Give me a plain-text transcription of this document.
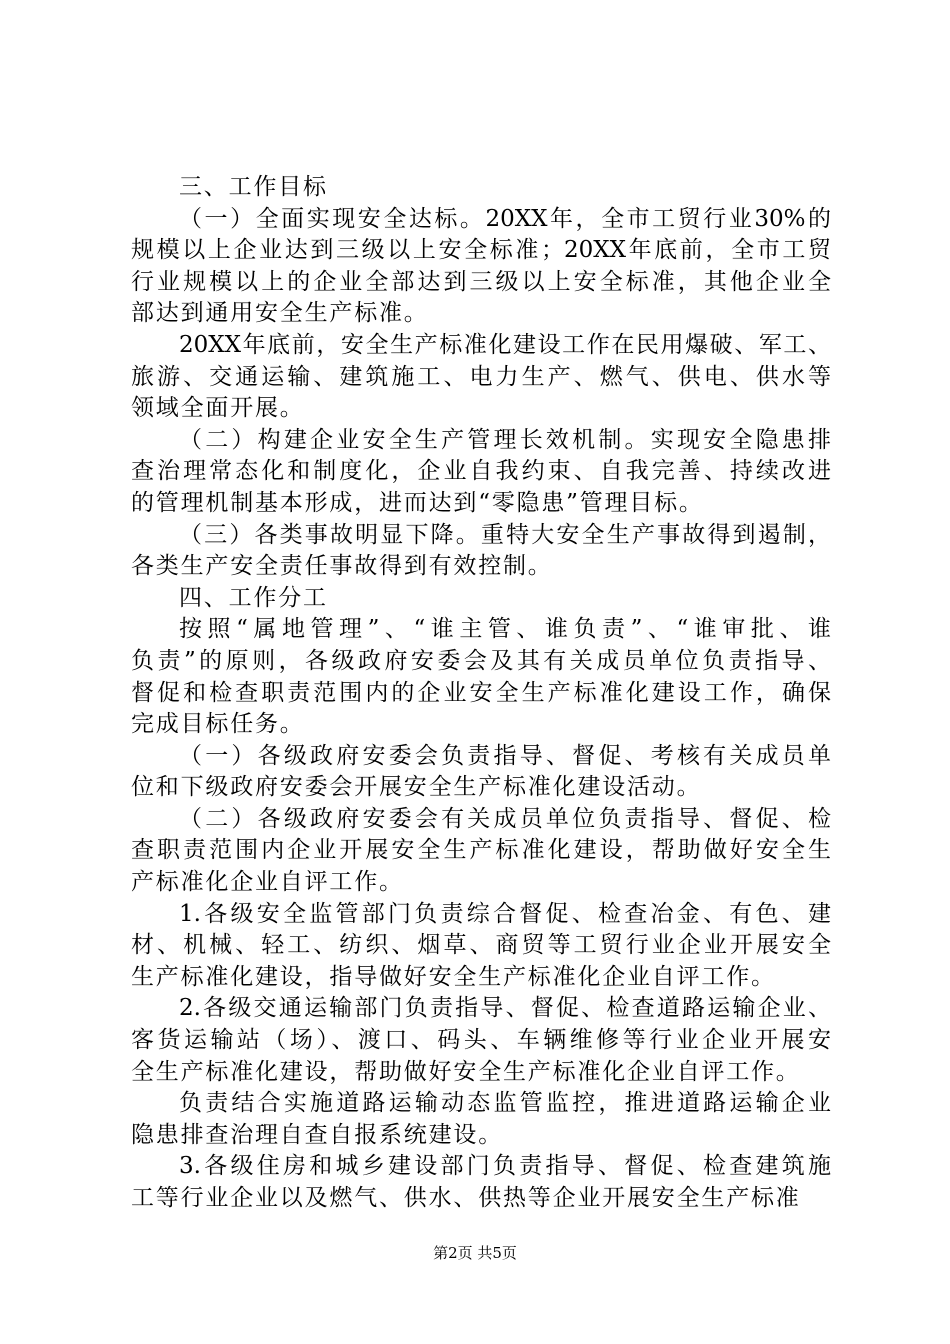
三、工作目标
（一）全面实现安全达标。20XX年，全市工贸行业30%的
规模以上企业达到三级以上安全标准；20XX年底前，全市工贸
行业规模以上的企业全部达到三级以上安全标准，其他企业全
部达到通用安全生产标准。
20XX年底前，安全生产标准化建设工作在民用爆破、军工、
旅游、交通运输、建筑施工、电力生产、燃气、供电、供水等
领域全面开展。
（二）构建企业安全生产管理长效机制。实现安全隐患排
查治理常态化和制度化，企业自我约束、自我完善、持续改进
的管理机制基本形成，进而达到“零隐患”管理目标。
（三）各类事故明显下降。重特大安全生产事故得到遏制，
各类生产安全责任事故得到有效控制。
四、工作分工
按照“属地管理”、“谁主管、谁负责”、“谁审批、谁
负责”的原则，各级政府安委会及其有关成员单位负责指导、
督促和检查职责范围内的企业安全生产标准化建设工作，确保
完成目标任务。
（一）各级政府安委会负责指导、督促、考核有关成员单
位和下级政府安委会开展安全生产标准化建设活动。
（二）各级政府安委会有关成员单位负责指导、督促、检
查职责范围内企业开展安全生产标准化建设，帮助做好安全生
产标准化企业自评工作。
1.各级安全监管部门负责综合督促、检查冶金、有色、建
材、机械、轻工、纺织、烟草、商贸等工贸行业企业开展安全
生产标准化建设，指导做好安全生产标准化企业自评工作。
2.各级交通运输部门负责指导、督促、检查道路运输企业、
客货运输站（场）、渡口、码头、车辆维修等行业企业开展安
全生产标准化建设，帮助做好安全生产标准化企业自评工作。
负责结合实施道路运输动态监管监控，推进道路运输企业
隐患排查治理自查自报系统建设。
3.各级住房和城乡建设部门负责指导、督促、检查建筑施
工等行业企业以及燃气、供水、供热等企业开展安全生产标准
第2页 共5页
